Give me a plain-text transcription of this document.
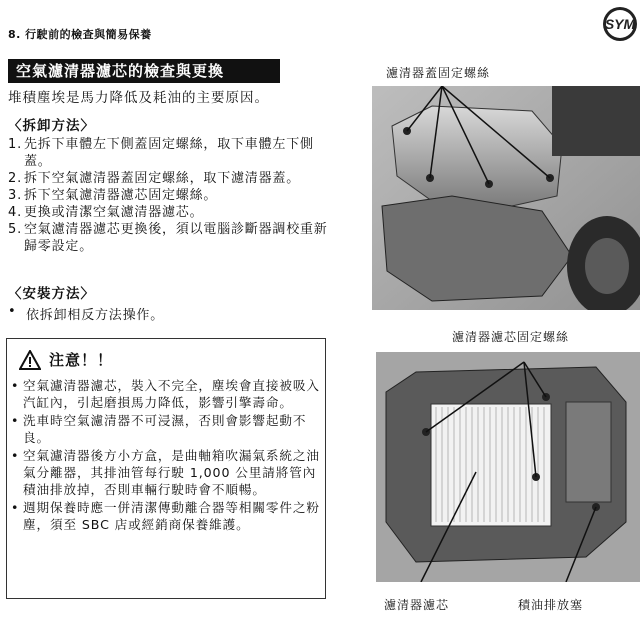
8. 行駛前的檢查與簡易保養
SYM
空氣濾清器濾芯的檢查與更換
堆積塵埃是馬力降低及耗油的主要原因。
〈拆卸方法〉
1. 先拆下車體左下側蓋固定螺絲，取下車體左下側蓋。
2. 拆下空氣濾清器蓋固定螺絲，取下濾清器蓋。
3. 拆下空氣濾清器濾芯固定螺絲。
4. 更換或清潔空氣濾清器濾芯。
5. 空氣濾清器濾芯更換後，須以電腦診斷器調校重新歸零設定。
〈安裝方法〉
• 依拆卸相反方法操作。
注意！！
• 空氣濾清器濾芯，裝入不完全，塵埃會直接被吸入汽缸內，引起磨損馬力降低，影響引擎壽命。
• 洗車時空氣濾清器不可浸濕，否則會影響起動不良。
• 空氣濾清器後方小方盒，是曲軸箱吹漏氣系統之油氣分離器，其排油管每行駛 1,000 公里請將管內積油排放掉，否則車輛行駛時會不順暢。
• 週期保養時應一併清潔傳動離合器等相關零件之粉塵，須至 SBC 店或經銷商保養維護。
濾清器蓋固定螺絲
濾清器濾芯固定螺絲
濾清器濾芯	積油排放塞
